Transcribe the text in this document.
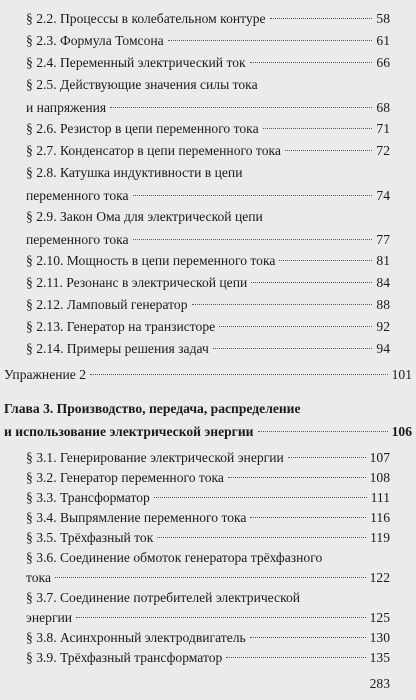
§ 2.2. Процессы в колебательном контуре	58
§ 2.3. Формула Томсона	61
§ 2.4. Переменный электрический ток	66
§ 2.5. Действующие значения силы тока
и напряжения	68
§ 2.6. Резистор в цепи переменного тока	71
§ 2.7. Конденсатор в цепи переменного тока	72
§ 2.8. Катушка индуктивности в цепи
переменного тока	74
§ 2.9. Закон Ома для электрической цепи
переменного тока	77
§ 2.10. Мощность в цепи переменного тока	81
§ 2.11. Резонанс в электрической цепи	84
§ 2.12. Ламповый генератор	88
§ 2.13. Генератор на транзисторе	92
§ 2.14. Примеры решения задач	94
Упражнение 2	101
Глава 3. Производство, передача, распределение
и использование электрической энергии	106
§ 3.1. Генерирование электрической энергии	107
§ 3.2. Генератор переменного тока	108
§ 3.3. Трансформатор	111
§ 3.4. Выпрямление переменного тока	116
§ 3.5. Трёхфазный ток	119
§ 3.6. Соединение обмоток генератора трёхфазного
тока	122
§ 3.7. Соединение потребителей электрической
энергии	125
§ 3.8. Асинхронный электродвигатель	130
§ 3.9. Трёхфазный трансформатор	135
283
